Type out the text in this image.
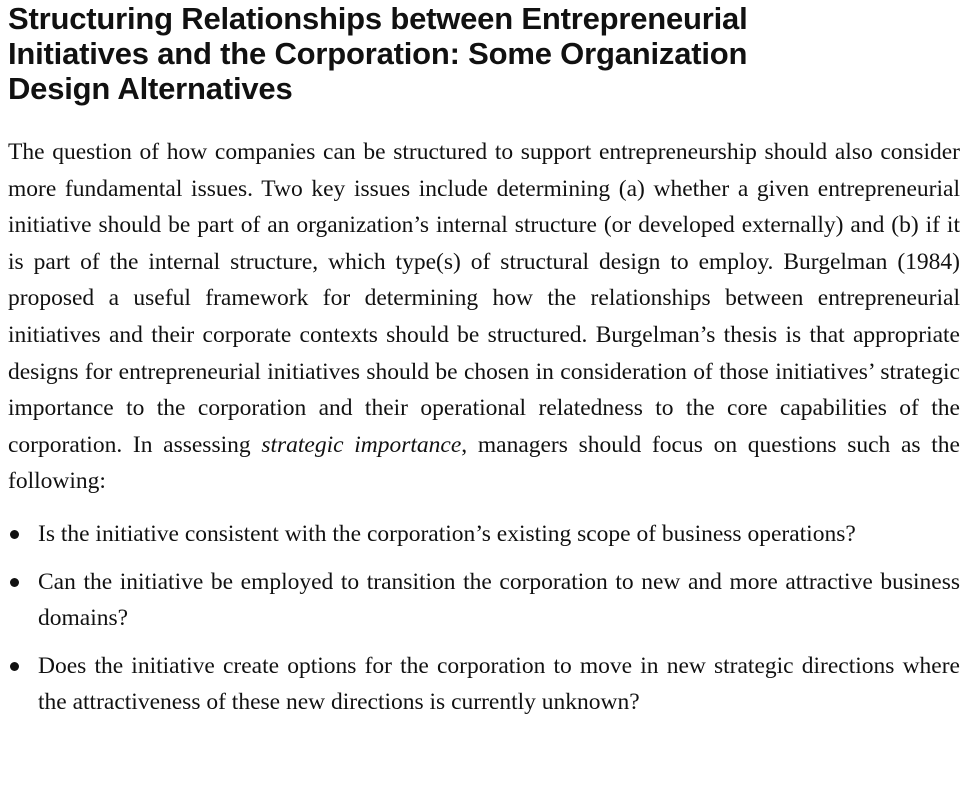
Structuring Relationships between Entrepreneurial
Initiatives and the Corporation: Some Organization
Design Alternatives

The question of how companies can be structured to support entrepreneurship should also consider more fundamental issues. Two key issues include determining (a) whether a given entrepreneurial initiative should be part of an organization’s internal structure (or developed externally) and (b) if it is part of the internal structure, which type(s) of structural design to employ. Burgelman (1984) proposed a useful framework for determining how the relationships between entrepreneurial initiatives and their corporate contexts should be structured. Burgelman’s thesis is that appropriate designs for entrepreneurial initiatives should be chosen in consideration of those initiatives’ strategic importance to the corporation and their operational relatedness to the core capabilities of the corporation. In assessing strategic importance, managers should focus on questions such as the following:

Is the initiative consistent with the corporation’s existing scope of business operations?

Can the initiative be employed to transition the corporation to new and more attractive business domains?

Does the initiative create options for the corporation to move in new strategic directions where the attractiveness of these new directions is currently unknown?
